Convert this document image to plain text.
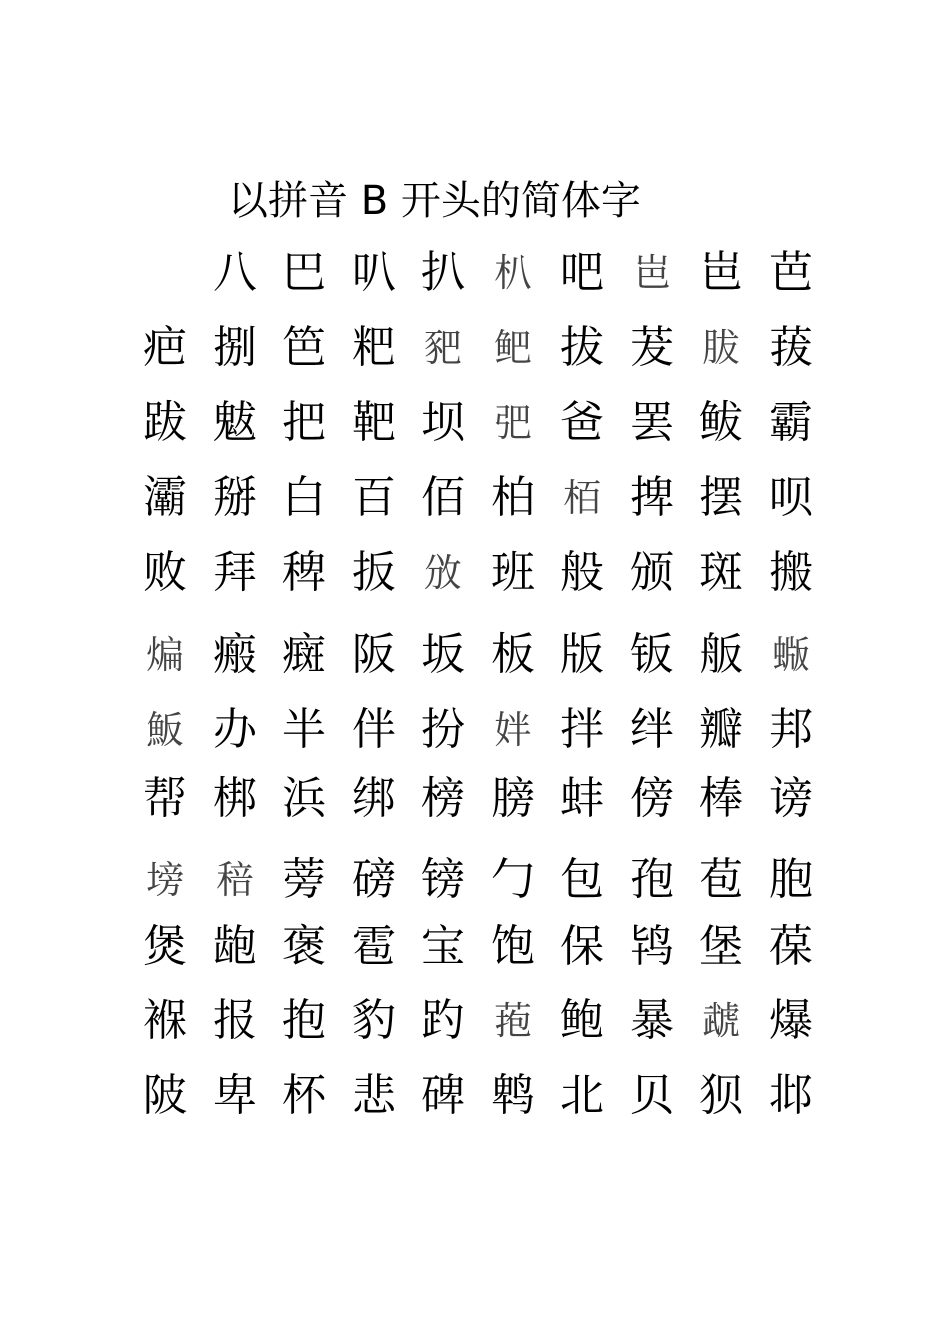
以拼音 B 开头的简体字
八 巴 叭 扒 朳 吧 岜 岜 芭
疤 捌 笆 粑 豝 鲃 拔 茇 胈 菝
跋 魃 把 靶 坝 弝 爸 罢 鲅 霸
灞 掰 白 百 佰 柏 栢 捭 摆 呗
败 拜 稗 扳 攽 班 般 颁 斑 搬
煸 瘢 癍 阪 坂 板 版 钣 舨 蝂
魬 办 半 伴 扮 姅 拌 绊 瓣 邦
帮 梆 浜 绑 榜 膀 蚌 傍 棒 谤
塝 稖 蒡 磅 镑 勹 包 孢 苞 胞
煲 龅 褒 雹 宝 饱 保 鸨 堡 葆
褓 报 抱 豹 趵 菢 鲍 暴 虣 爆
陂 卑 杯 悲 碑 鹎 北 贝 狈 邶
